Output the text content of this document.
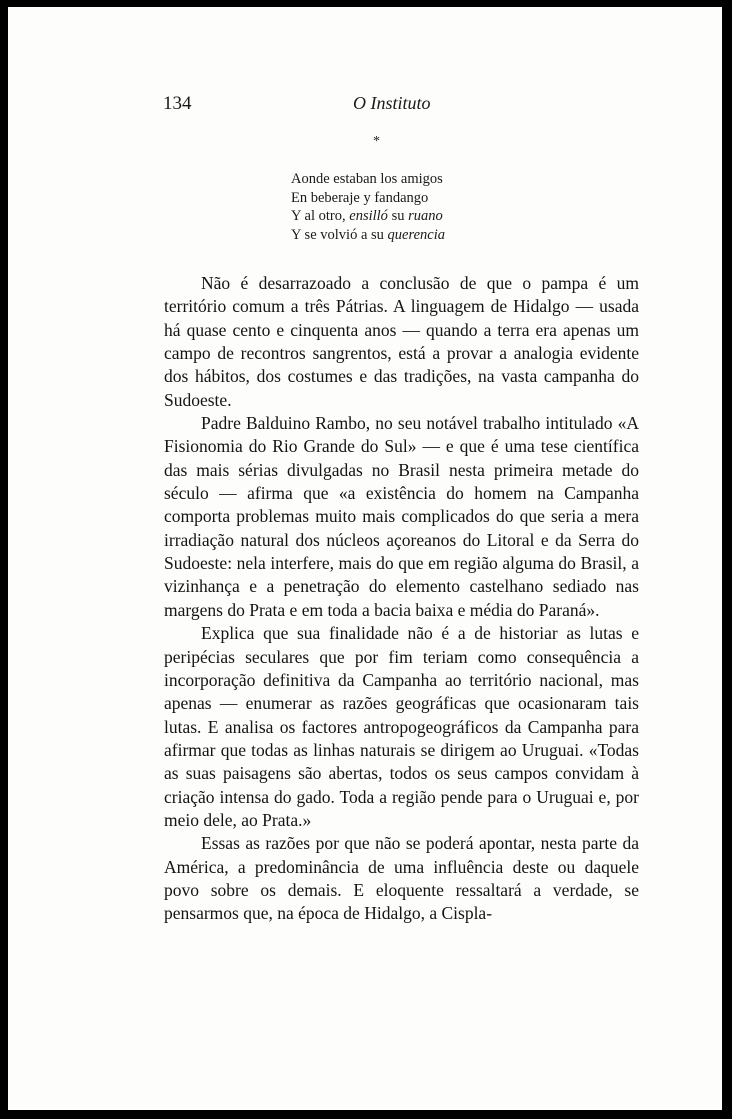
134	O Instituto
*
Aonde estaban los amigos
En beberaje y fandango
Y al otro, ensilló su ruano
Y se volvió a su querencia

Não é desarrazoado a conclusão de que o pampa é um território comum a três Pátrias. A linguagem de Hidalgo — usada há quase cento e cinquenta anos — quando a terra era apenas um campo de recontros sangrentos, está a provar a analogia evidente dos hábitos, dos costumes e das tradições, na vasta campanha do Sudoeste.

Padre Balduino Rambo, no seu notável trabalho intitulado «A Fisionomia do Rio Grande do Sul» — e que é uma tese científica das mais sérias divulgadas no Brasil nesta primeira metade do século — afirma que «a existência do homem na Campanha comporta problemas muito mais complicados do que seria a mera irradiação natural dos núcleos açoreanos do Litoral e da Serra do Sudoeste: nela interfere, mais do que em região alguma do Brasil, a vizinhança e a penetração do elemento castelhano sediado nas margens do Prata e em toda a bacia baixa e média do Paraná».

Explica que sua finalidade não é a de historiar as lutas e peripécias seculares que por fim teriam como consequência a incorporação definitiva da Campanha ao território nacional, mas apenas — enumerar as razões geográficas que ocasionaram tais lutas. E analisa os factores antropogeográficos da Campanha para afirmar que todas as linhas naturais se dirigem ao Uruguai. «Todas as suas paisagens são abertas, todos os seus campos convidam à criação intensa do gado. Toda a região pende para o Uruguai e, por meio dele, ao Prata.»

Essas as razões por que não se poderá apontar, nesta parte da América, a predominância de uma influência deste ou daquele povo sobre os demais. E eloquente ressaltará a verdade, se pensarmos que, na época de Hidalgo, a Cispla-
